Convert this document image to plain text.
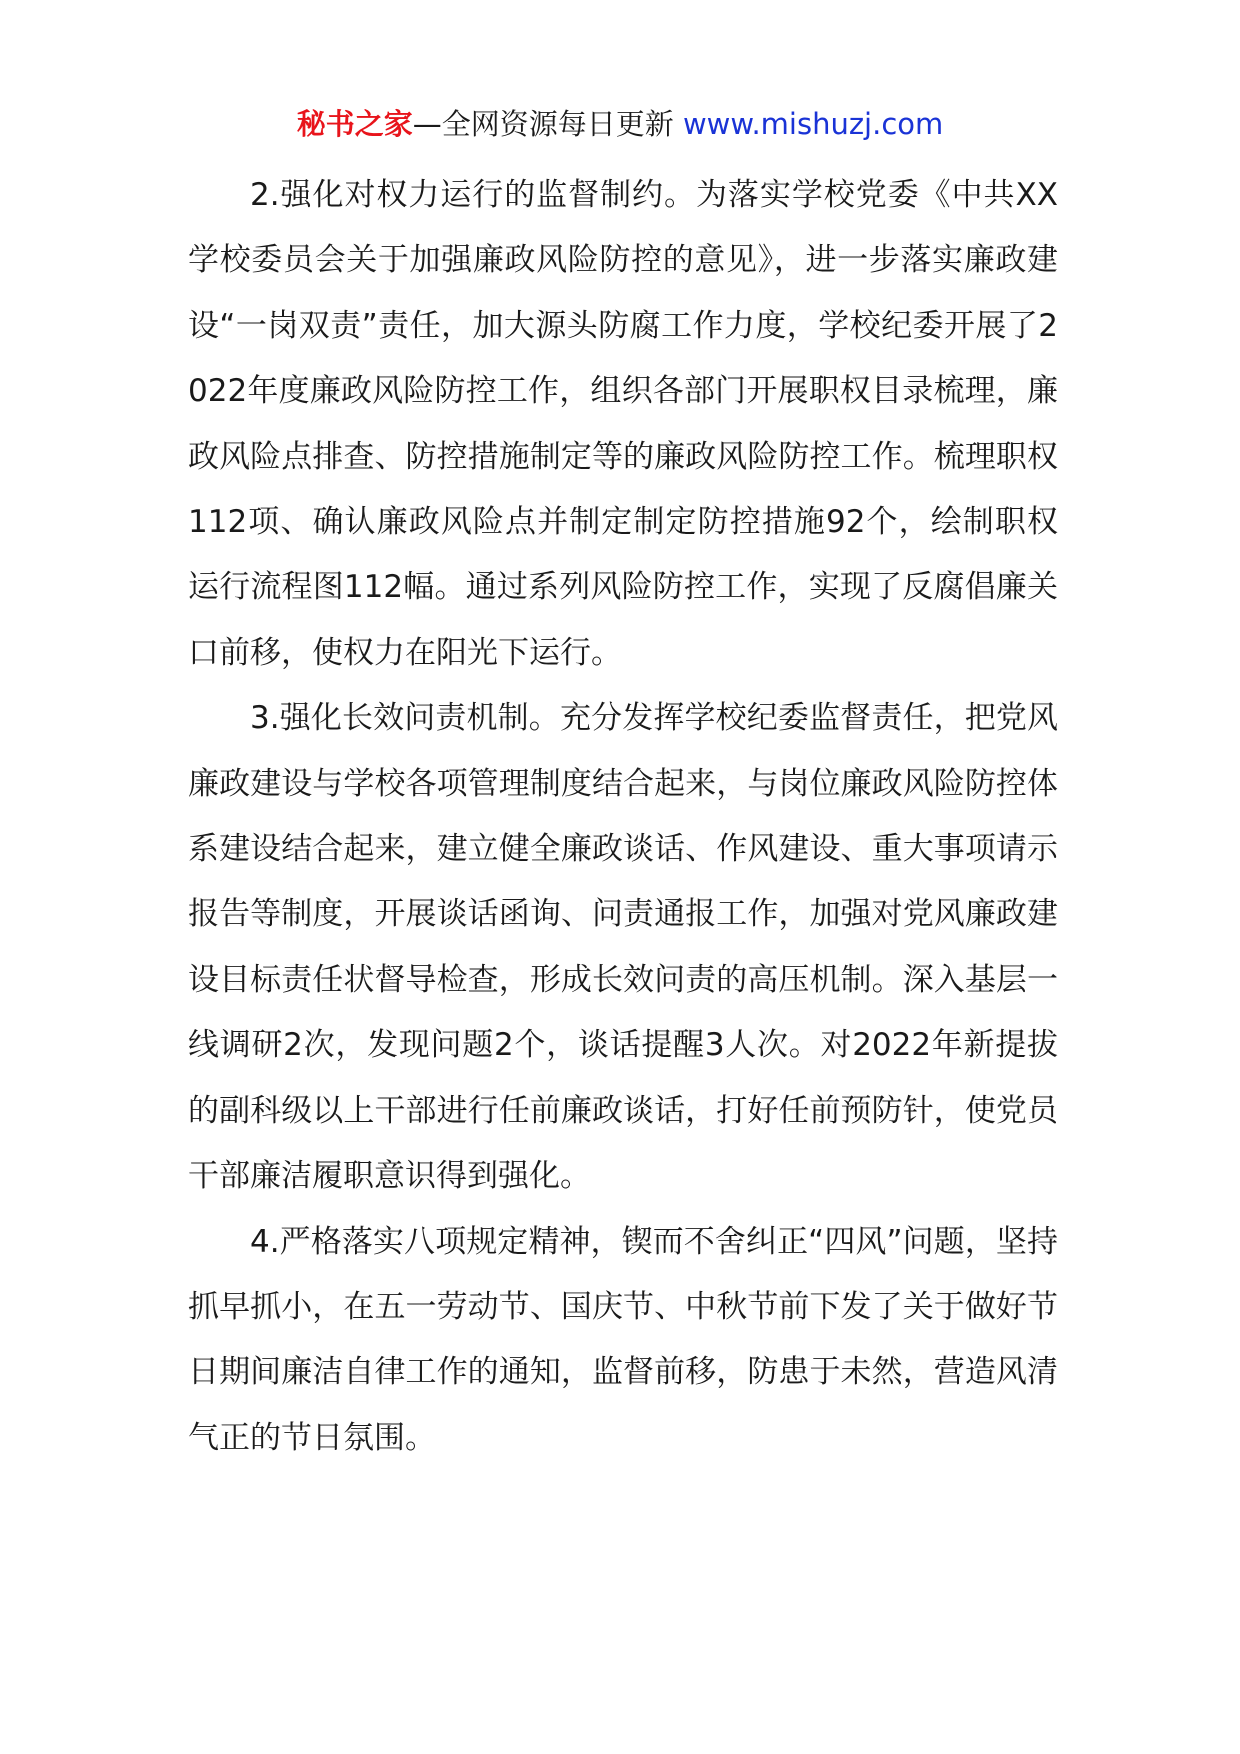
秘书之家—全网资源每日更新 www.mishuzj.com

2.强化对权力运行的监督制约。为落实学校党委《中共XX学校委员会关于加强廉政风险防控的意见》，进一步落实廉政建设“一岗双责”责任，加大源头防腐工作力度，学校纪委开展了2022年度廉政风险防控工作，组织各部门开展职权目录梳理，廉政风险点排查、防控措施制定等的廉政风险防控工作。梳理职权112项、确认廉政风险点并制定制定防控措施92个，绘制职权运行流程图112幅。通过系列风险防控工作，实现了反腐倡廉关口前移，使权力在阳光下运行。

3.强化长效问责机制。充分发挥学校纪委监督责任，把党风廉政建设与学校各项管理制度结合起来，与岗位廉政风险防控体系建设结合起来，建立健全廉政谈话、作风建设、重大事项请示报告等制度，开展谈话函询、问责通报工作，加强对党风廉政建设目标责任状督导检查，形成长效问责的高压机制。深入基层一线调研2次，发现问题2个，谈话提醒3人次。对2022年新提拔的副科级以上干部进行任前廉政谈话，打好任前预防针，使党员干部廉洁履职意识得到强化。

4.严格落实八项规定精神，锲而不舍纠正“四风”问题，坚持抓早抓小，在五一劳动节、国庆节、中秋节前下发了关于做好节日期间廉洁自律工作的通知，监督前移，防患于未然，营造风清气正的节日氛围。
